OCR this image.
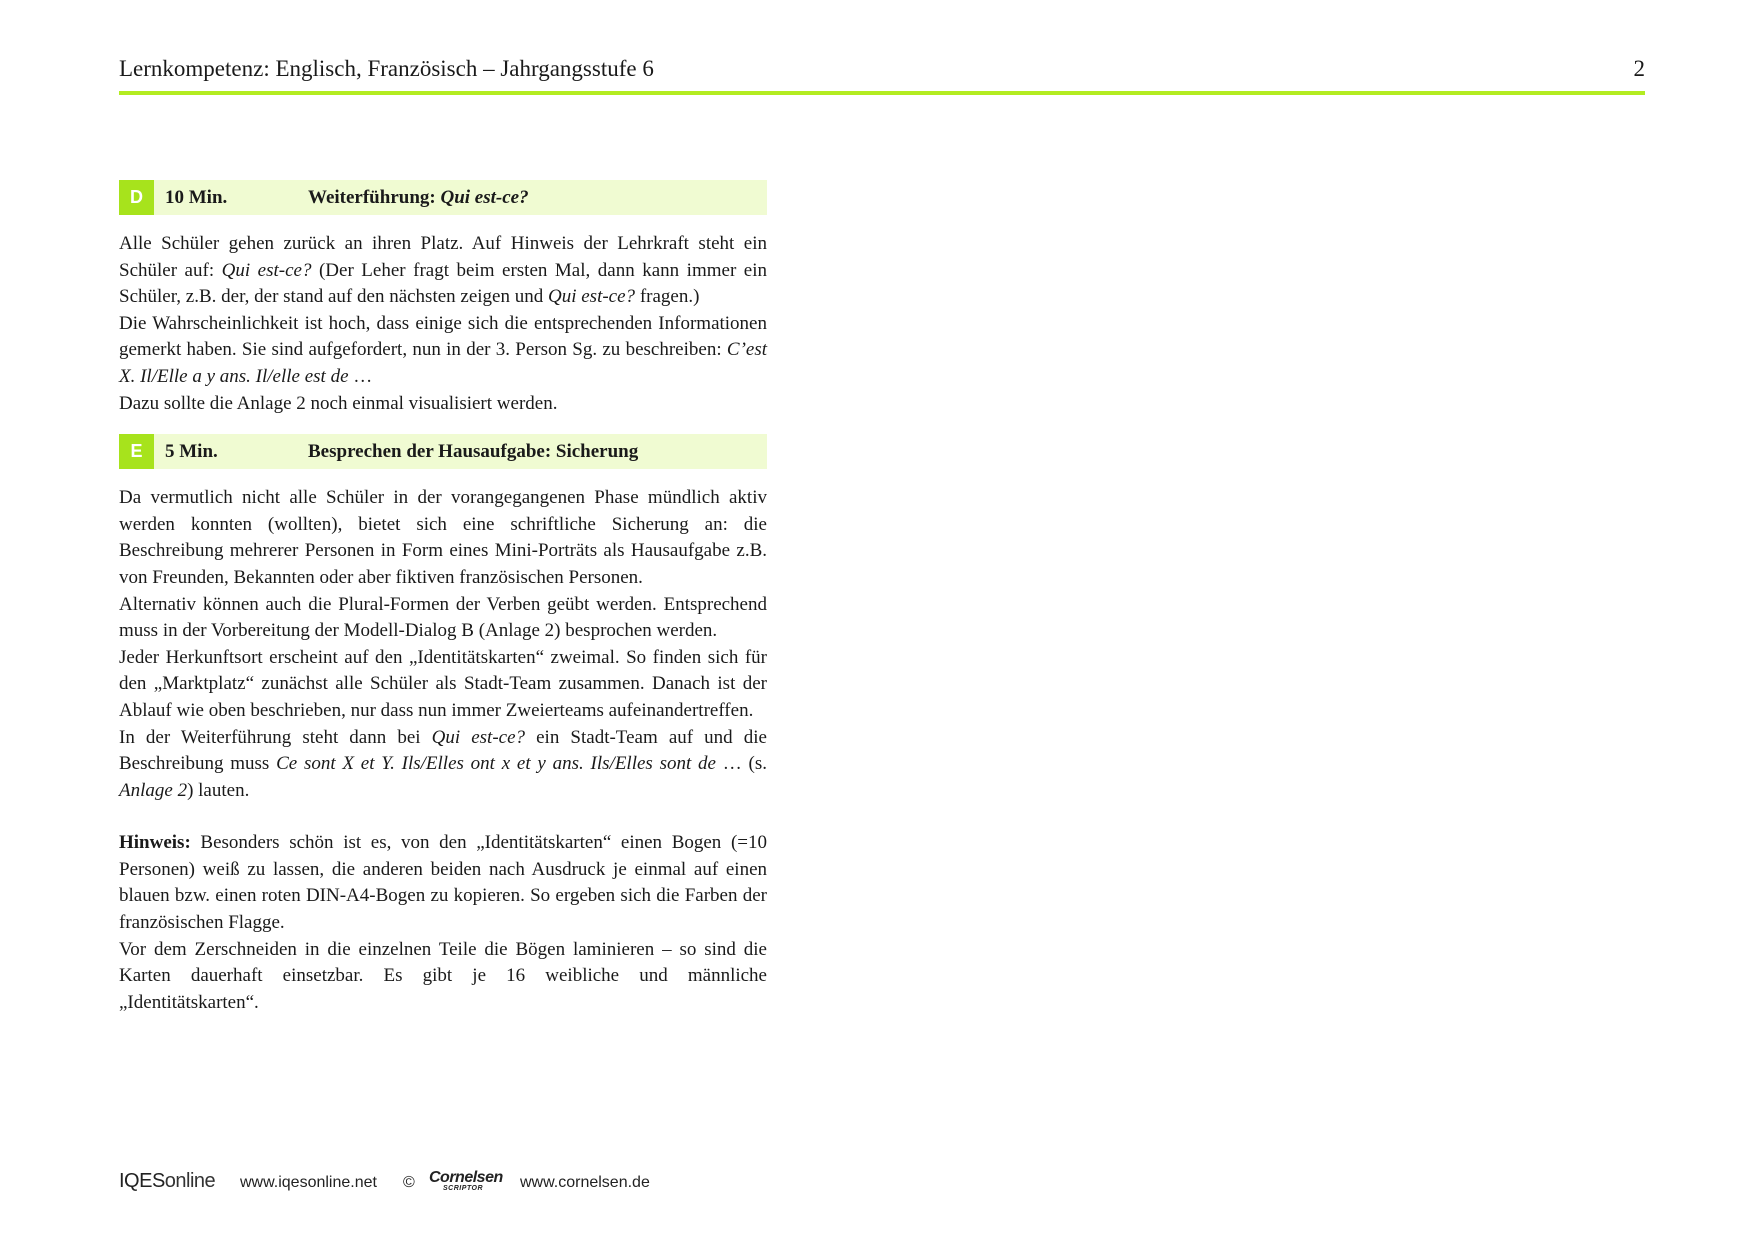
Lernkompetenz: Englisch, Französisch – Jahrgangsstufe 6	2
D	10 Min.	Weiterführung: Qui est-ce?

Alle Schüler gehen zurück an ihren Platz. Auf Hinweis der Lehrkraft steht ein Schüler auf: Qui est-ce? (Der Leher fragt beim ersten Mal, dann kann immer ein Schüler, z.B. der, der stand auf den nächsten zeigen und Qui est-ce? fragen.)

Die Wahrscheinlichkeit ist hoch, dass einige sich die entsprechenden Informationen gemerkt haben. Sie sind aufgefordert, nun in der 3. Person Sg. zu beschreiben: C’est X. Il/Elle a y ans. Il/elle est de …

Dazu sollte die Anlage 2 noch einmal visualisiert werden.

E	5 Min.	Besprechen der Hausaufgabe: Sicherung

Da vermutlich nicht alle Schüler in der vorangegangenen Phase mündlich aktiv werden konnten (wollten), bietet sich eine schriftliche Sicherung an: die Beschreibung mehrerer Personen in Form eines Mini-Porträts als Hausaufgabe z.B. von Freunden, Bekannten oder aber fiktiven französischen Personen.

Alternativ können auch die Plural-Formen der Verben geübt werden. Entsprechend muss in der Vorbereitung der Modell-Dialog B (Anlage 2) besprochen werden.

Jeder Herkunftsort erscheint auf den „Identitätskarten“ zweimal. So finden sich für den „Marktplatz“ zunächst alle Schüler als Stadt-Team zusammen. Danach ist der Ablauf wie oben beschrieben, nur dass nun immer Zweierteams aufeinandertreffen.

In der Weiterführung steht dann bei Qui est-ce? ein Stadt-Team auf und die Beschreibung muss Ce sont X et Y. Ils/Elles ont x et y ans. Ils/Elles sont de … (s. Anlage 2) lauten.

Hinweis: Besonders schön ist es, von den „Identitätskarten“ einen Bogen (=10 Personen) weiß zu lassen, die anderen beiden nach Ausdruck je einmal auf einen blauen bzw. einen roten DIN-A4-Bogen zu kopieren. So ergeben sich die Farben der französischen Flagge.

Vor dem Zerschneiden in die einzelnen Teile die Bögen laminieren – so sind die Karten dauerhaft einsetzbar. Es gibt je 16 weibliche und männliche „Identitätskarten“.

IQESonline www.iqesonline.net © Cornelsen
SCRIPTOR www.cornelsen.de
